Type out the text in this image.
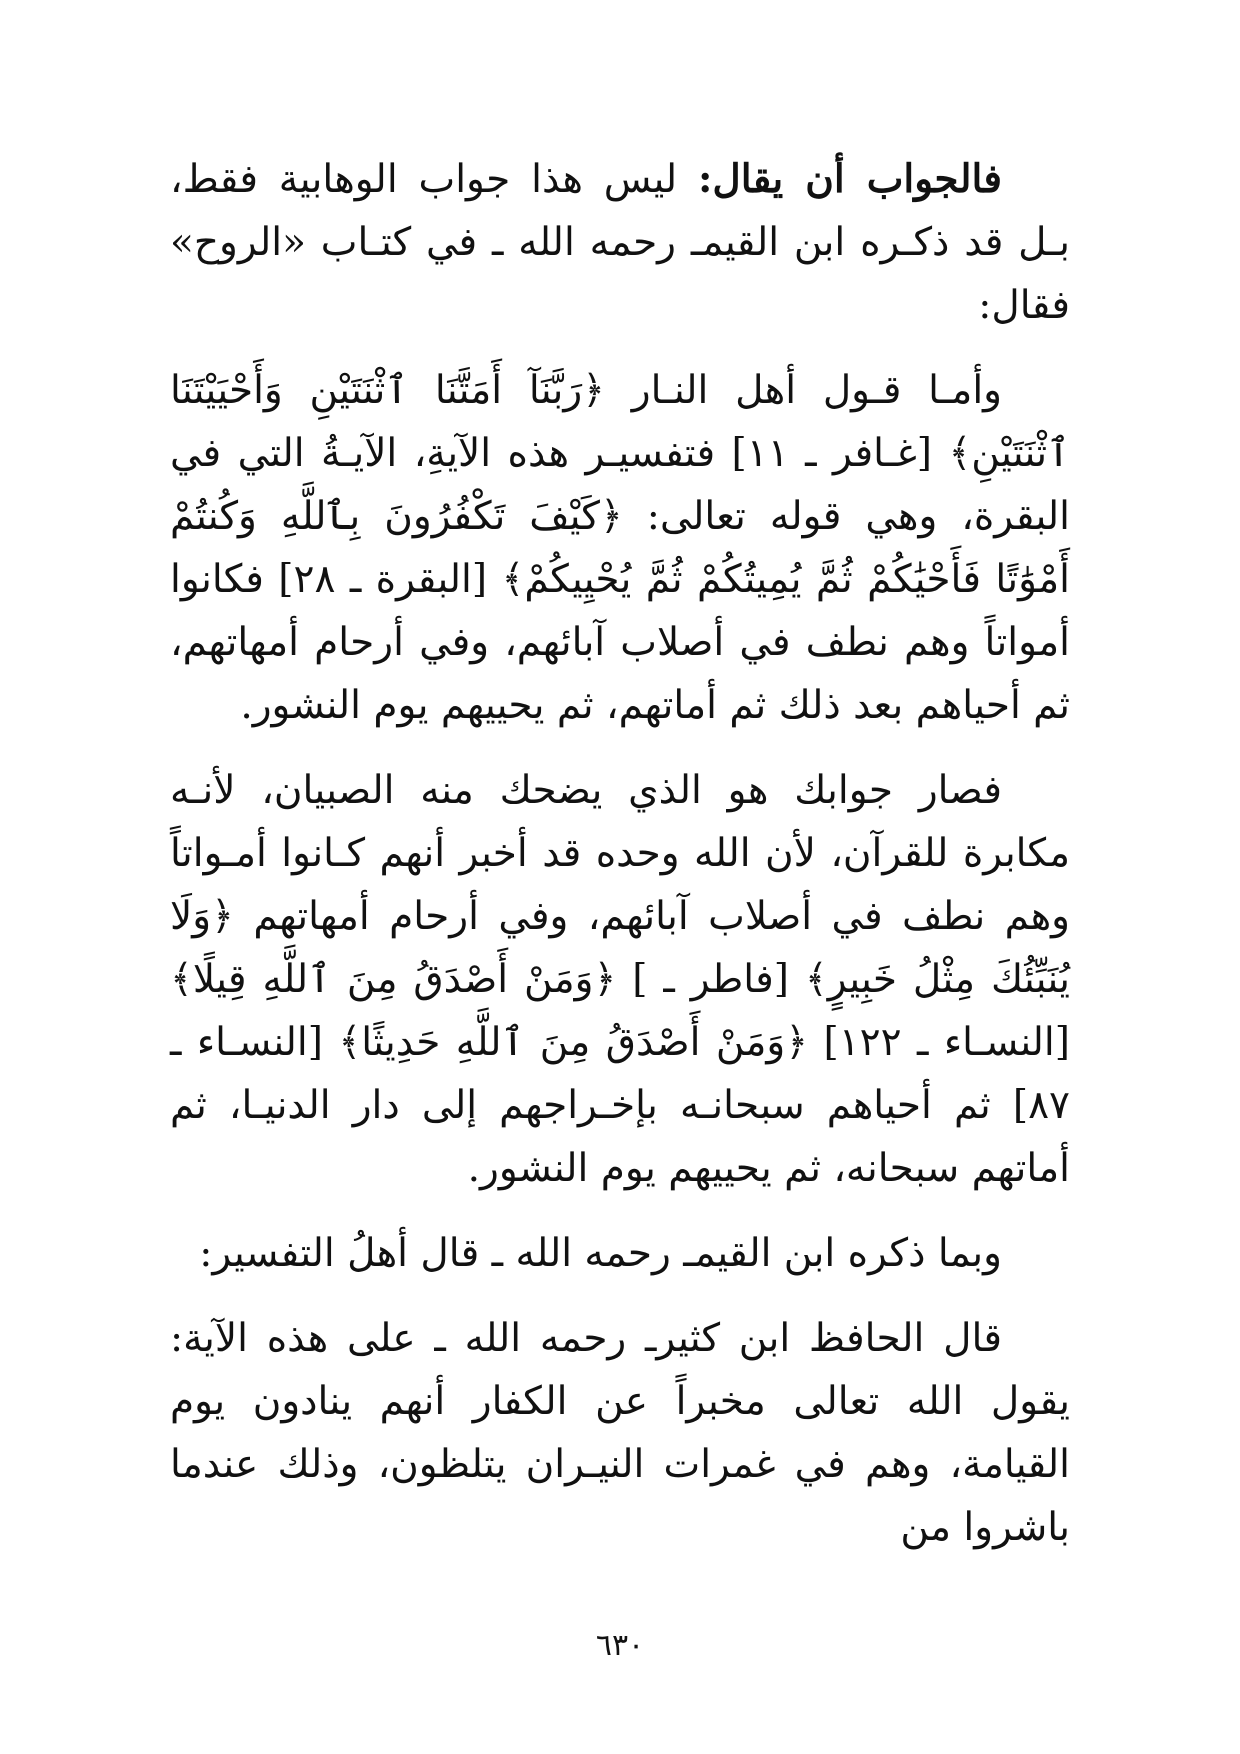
فالجواب أن يقال: ليس هذا جواب الوهابية فقط، بـل قد ذكـره ابن القيمـ رحمه الله ـ في كتـاب «الروح» فقال:

وأمـا قـول أهل النـار ﴿رَبَّنَآ أَمَتَّنَا ٱثْنَتَيْنِ وَأَحْيَيْتَنَا ٱثْنَتَيْنِ﴾ [غـافر ـ ١١] فتفسيـر هذه الآيةِ، الآيـةُ التي في البقرة، وهي قوله تعالى: ﴿كَيْفَ تَكْفُرُونَ بِٱللَّهِ وَكُنتُمْ أَمْوَٰتًا فَأَحْيَٰكُمْ ثُمَّ يُمِيتُكُمْ ثُمَّ يُحْيِيكُمْ﴾ [البقرة ـ ٢٨] فكانوا أمواتاً وهم نطف في أصلاب آبائهم، وفي أرحام أمهاتهم، ثم أحياهم بعد ذلك ثم أماتهم، ثم يحييهم يوم النشور.

فصار جوابك هو الذي يضحك منه الصبيان، لأنـه مكابرة للقرآن، لأن الله وحده قد أخبر أنهم كـانوا أمـواتاً وهم نطف في أصلاب آبائهم، وفي أرحام أمهاتهم ﴿وَلَا يُنَبِّئُكَ مِثْلُ خَبِيرٍ﴾ [فاطر ـ ] ﴿وَمَنْ أَصْدَقُ مِنَ ٱللَّهِ قِيلًا﴾ [النسـاء ـ ١٢٢] ﴿وَمَنْ أَصْدَقُ مِنَ ٱللَّهِ حَدِيثًا﴾ [النسـاء ـ ٨٧] ثم أحياهم سبحانـه بإخـراجهم إلى دار الدنيـا، ثم أماتهم سبحانه، ثم يحييهم يوم النشور.

وبما ذكره ابن القيمـ رحمه الله ـ قال أهلُ التفسير:

قال الحافظ ابن كثيرـ رحمه الله ـ على هذه الآية: يقول الله تعالى مخبراً عن الكفار أنهم ينادون يوم القيامة، وهم في غمرات النيـران يتلظون، وذلك عندما باشروا من

٦٣٠
